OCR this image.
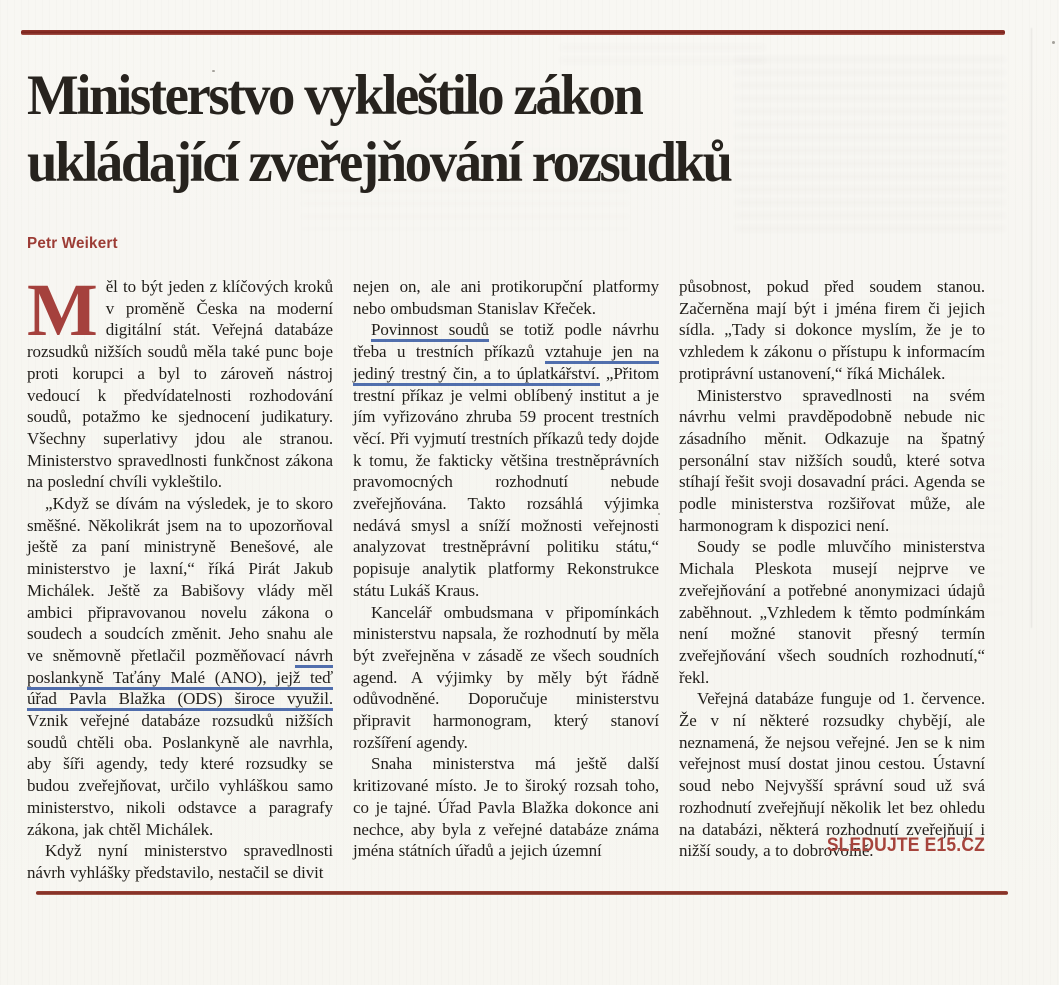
Ministerstvo vykleštilo zákon
ukládající zveřejňování rozsudků
Petr Weikert

Měl to být jeden z klíčových kroků v proměně Česka na moderní digitální stát. Veřejná databáze rozsudků nižších soudů měla také punc boje proti korupci a byl to zároveň nástroj vedoucí k předvídatelnosti rozhodování soudů, potažmo ke sjednocení judikatury. Všechny superlativy jdou ale stranou. Ministerstvo spravedlnosti funkčnost zákona na poslední chvíli vykleštilo.

„Když se dívám na výsledek, je to skoro směšné. Několikrát jsem na to upozorňoval ještě za paní ministryně Benešové, ale ministerstvo je laxní,“ říká Pirát Jakub Michálek. Ještě za Babišovy vlády měl ambici připravovanou novelu zákona o soudech a soudcích změnit. Jeho snahu ale ve sněmovně přetlačil pozměňovací návrh poslankyně Taťány Malé (ANO), jejž teď úřad Pavla Blažka (ODS) široce využil. Vznik veřejné databáze rozsudků nižších soudů chtěli oba. Poslankyně ale navrhla, aby šíři agendy, tedy které rozsudky se budou zveřejňovat, určilo vyhláškou samo ministerstvo, nikoli odstavce a paragrafy zákona, jak chtěl Michálek.

Když nyní ministerstvo spravedlnosti návrh vyhlášky představilo, nestačil se divit

nejen on, ale ani protikorupční platformy nebo ombudsman Stanislav Křeček.

Povinnost soudů se totiž podle návrhu třeba u trestních příkazů vztahuje jen na jediný trestný čin, a to úplatkářství. „Přitom trestní příkaz je velmi oblíbený institut a je jím vyřizováno zhruba 59 procent trestních věcí. Při vyjmutí trestních příkazů tedy dojde k tomu, že fakticky většina trestněprávních pravomocných rozhodnutí nebude zveřejňována. Takto rozsáhlá výjimka nedává smysl a sníží možnosti veřejnosti analyzovat trestněprávní politiku státu,“ popisuje analytik platformy Rekonstrukce státu Lukáš Kraus.

Kancelář ombudsmana v připomínkách ministerstvu napsala, že rozhodnutí by měla být zveřejněna v zásadě ze všech soudních agend. A výjimky by měly být řádně odůvodněné. Doporučuje ministerstvu připravit harmonogram, který stanoví rozšíření agendy.

Snaha ministerstva má ještě další kritizované místo. Je to široký rozsah toho, co je tajné. Úřad Pavla Blažka dokonce ani nechce, aby byla z veřejné databáze známa jména státních úřadů a jejich územní

působnost, pokud před soudem stanou. Začerněna mají být i jména firem či jejich sídla. „Tady si dokonce myslím, že je to vzhledem k zákonu o přístupu k informacím protiprávní ustanovení,“ říká Michálek.

Ministerstvo spravedlnosti na svém návrhu velmi pravděpodobně nebude nic zásadního měnit. Odkazuje na špatný personální stav nižších soudů, které sotva stíhají řešit svoji dosavadní práci. Agenda se podle ministerstva rozšiřovat může, ale harmonogram k dispozici není.

Soudy se podle mluvčího ministerstva Michala Pleskota musejí nejprve ve zveřejňování a potřebné anonymizaci údajů zaběhnout. „Vzhledem k těmto podmínkám není možné stanovit přesný termín zveřejňování všech soudních rozhodnutí,“ řekl.

Veřejná databáze funguje od 1. července. Že v ní některé rozsudky chybějí, ale neznamená, že nejsou veřejné. Jen se k nim veřejnost musí dostat jinou cestou. Ústavní soud nebo Nejvyšší správní soud už svá rozhodnutí zveřejňují několik let bez ohledu na databázi, některá rozhodnutí zveřejňují i nižší soudy, a to dobrovolně.

SLEDUJTE E15.CZ
